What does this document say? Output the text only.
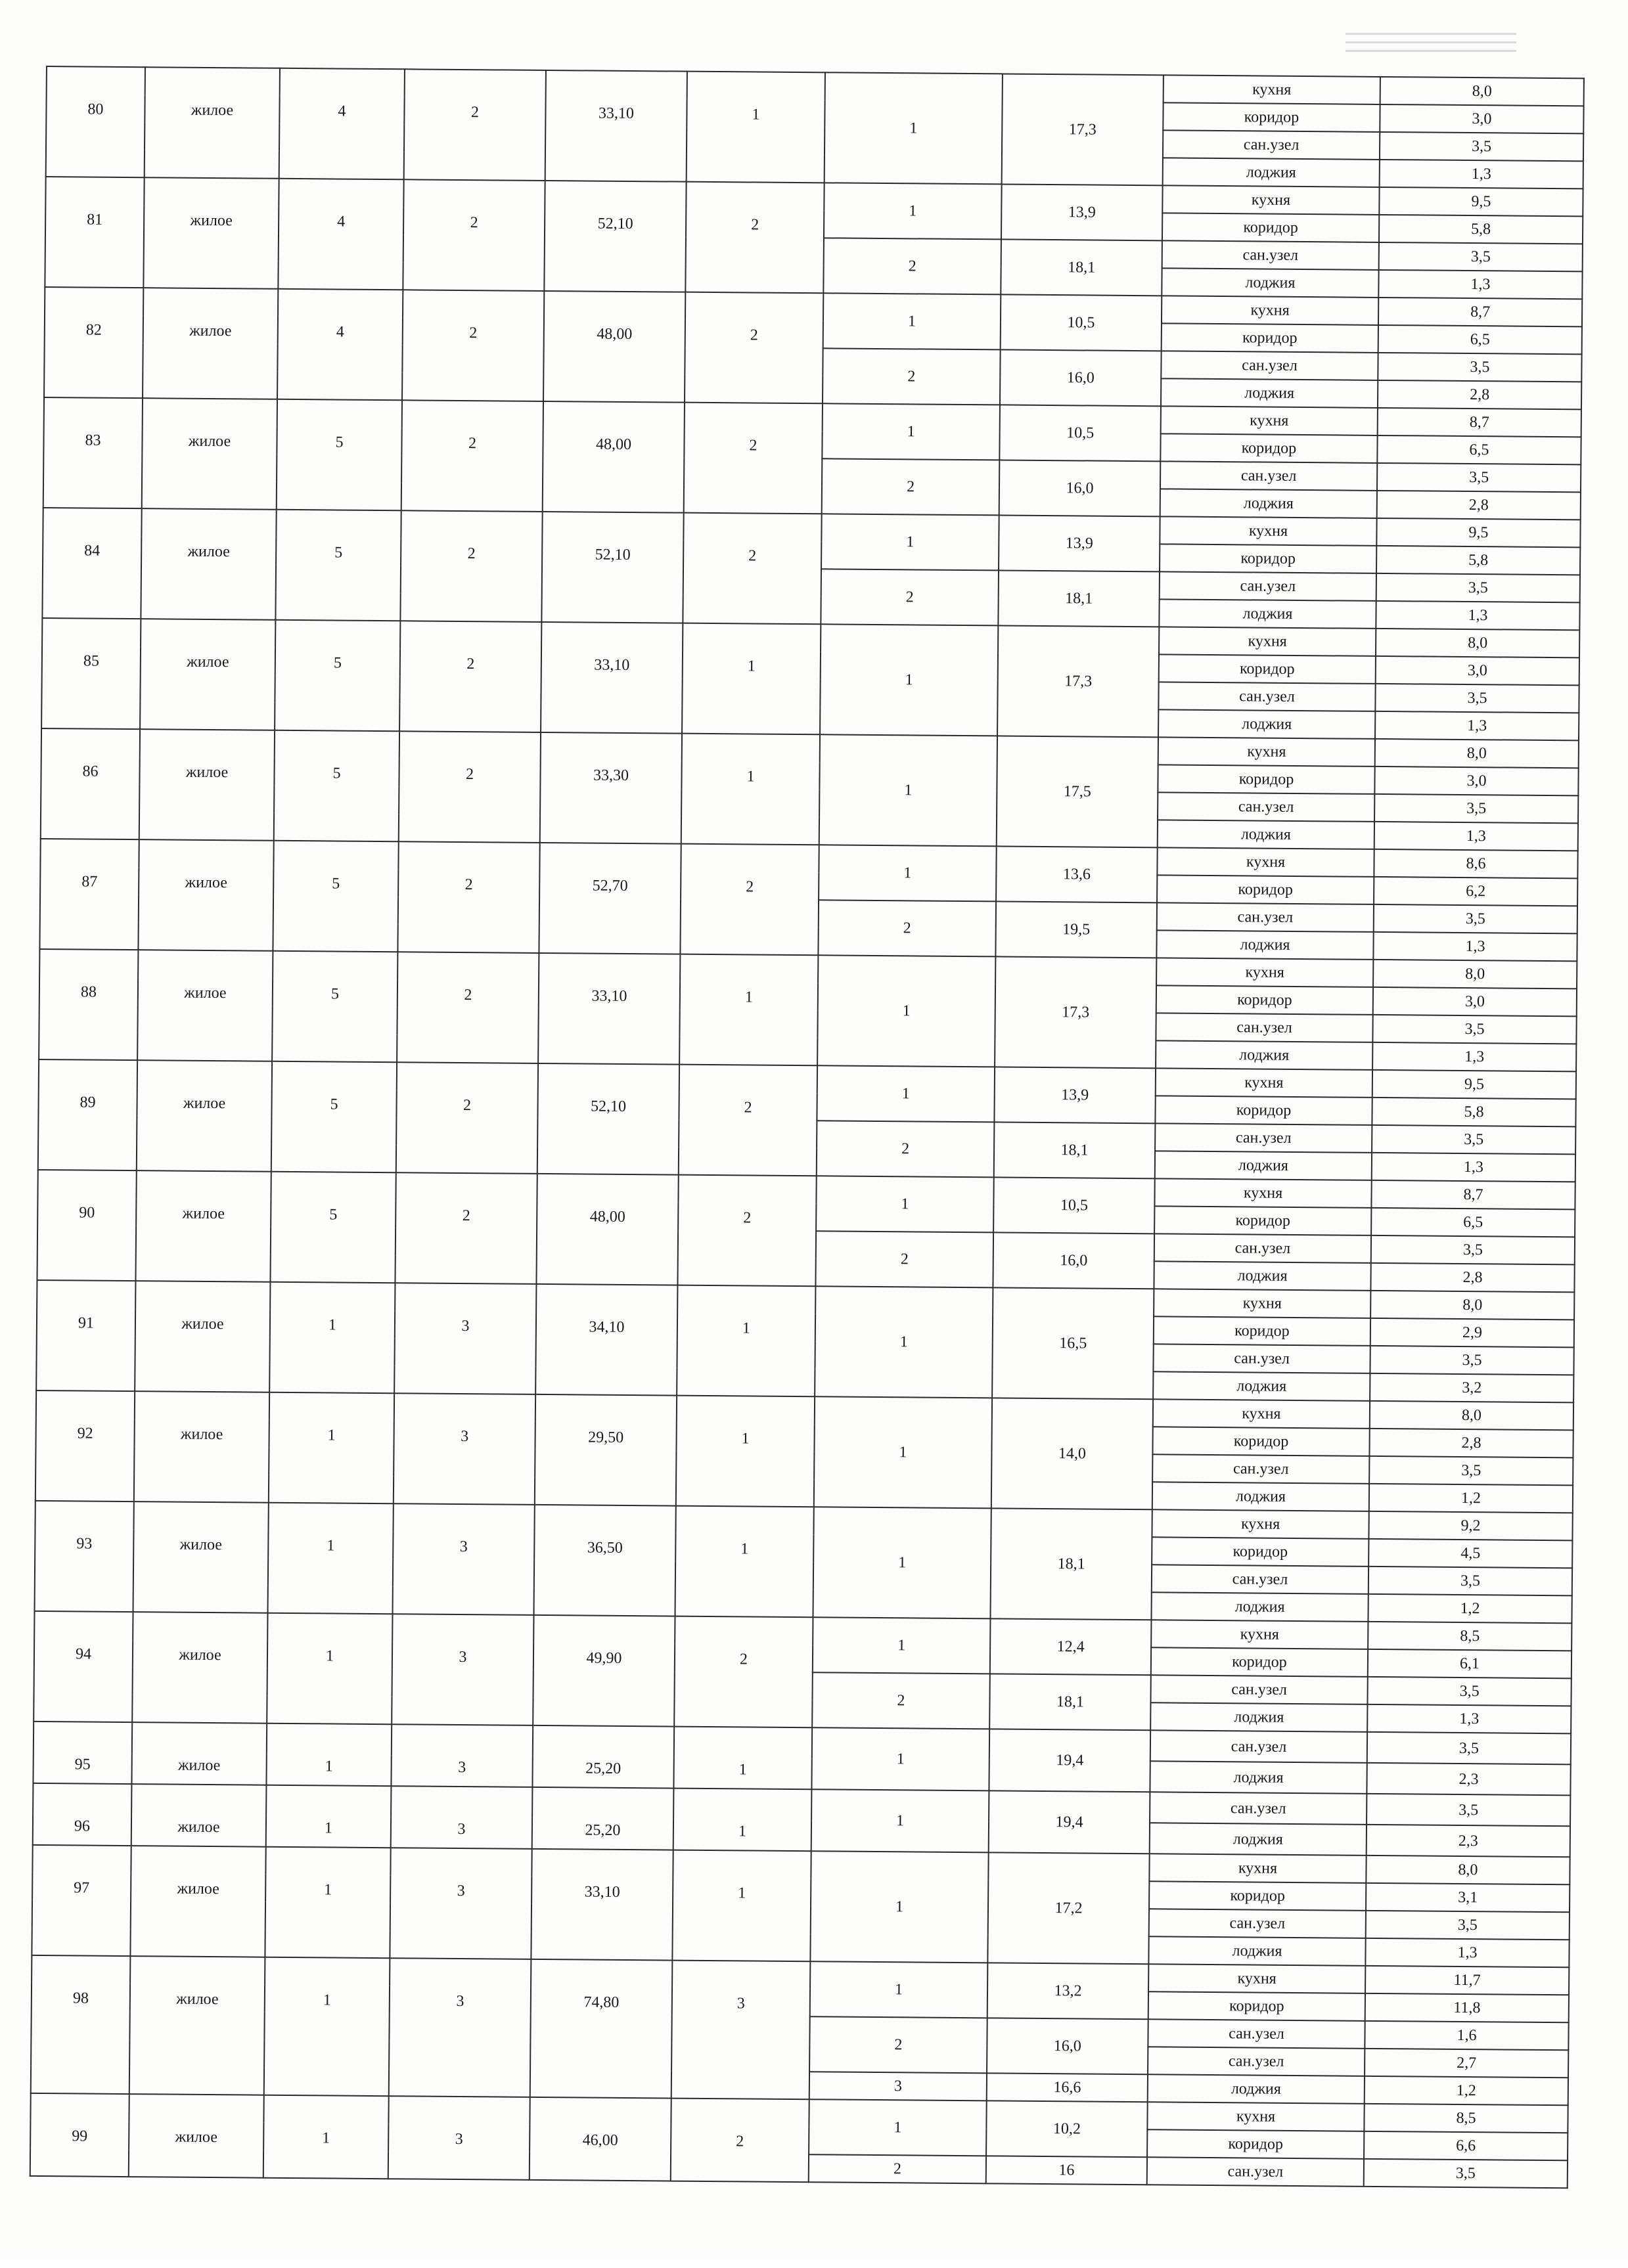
80	жилое	4	2	33,10	1	1	17,3	кухня	8,0
								коридор	3,0
								сан.узел	3,5
								лоджия	1,3
81	жилое	4	2	52,10	2	1	13,9	кухня	9,5
								коридор	5,8
						2	18,1	сан.узел	3,5
								лоджия	1,3
82	жилое	4	2	48,00	2	1	10,5	кухня	8,7
								коридор	6,5
						2	16,0	сан.узел	3,5
								лоджия	2,8
83	жилое	5	2	48,00	2	1	10,5	кухня	8,7
								коридор	6,5
						2	16,0	сан.узел	3,5
								лоджия	2,8
84	жилое	5	2	52,10	2	1	13,9	кухня	9,5
								коридор	5,8
						2	18,1	сан.узел	3,5
								лоджия	1,3
85	жилое	5	2	33,10	1	1	17,3	кухня	8,0
								коридор	3,0
								сан.узел	3,5
								лоджия	1,3
86	жилое	5	2	33,30	1	1	17,5	кухня	8,0
								коридор	3,0
								сан.узел	3,5
								лоджия	1,3
87	жилое	5	2	52,70	2	1	13,6	кухня	8,6
								коридор	6,2
						2	19,5	сан.узел	3,5
								лоджия	1,3
88	жилое	5	2	33,10	1	1	17,3	кухня	8,0
								коридор	3,0
								сан.узел	3,5
								лоджия	1,3
89	жилое	5	2	52,10	2	1	13,9	кухня	9,5
								коридор	5,8
						2	18,1	сан.узел	3,5
								лоджия	1,3
90	жилое	5	2	48,00	2	1	10,5	кухня	8,7
								коридор	6,5
						2	16,0	сан.узел	3,5
								лоджия	2,8
91	жилое	1	3	34,10	1	1	16,5	кухня	8,0
								коридор	2,9
								сан.узел	3,5
								лоджия	3,2
92	жилое	1	3	29,50	1	1	14,0	кухня	8,0
								коридор	2,8
								сан.узел	3,5
								лоджия	1,2
93	жилое	1	3	36,50	1	1	18,1	кухня	9,2
								коридор	4,5
								сан.узел	3,5
								лоджия	1,2
94	жилое	1	3	49,90	2	1	12,4	кухня	8,5
								коридор	6,1
						2	18,1	сан.узел	3,5
								лоджия	1,3
95	жилое	1	3	25,20	1	1	19,4	сан.узел	3,5
								лоджия	2,3
96	жилое	1	3	25,20	1	1	19,4	сан.узел	3,5
								лоджия	2,3
97	жилое	1	3	33,10	1	1	17,2	кухня	8,0
								коридор	3,1
								сан.узел	3,5
								лоджия	1,3
98	жилое	1	3	74,80	3	1	13,2	кухня	11,7
								коридор	11,8
						2	16,0	сан.узел	1,6
								сан.узел	2,7
						3	16,6	лоджия	1,2
99	жилое	1	3	46,00	2	1	10,2	кухня	8,5
								коридор	6,6
						2	16	сан.узел	3,5
